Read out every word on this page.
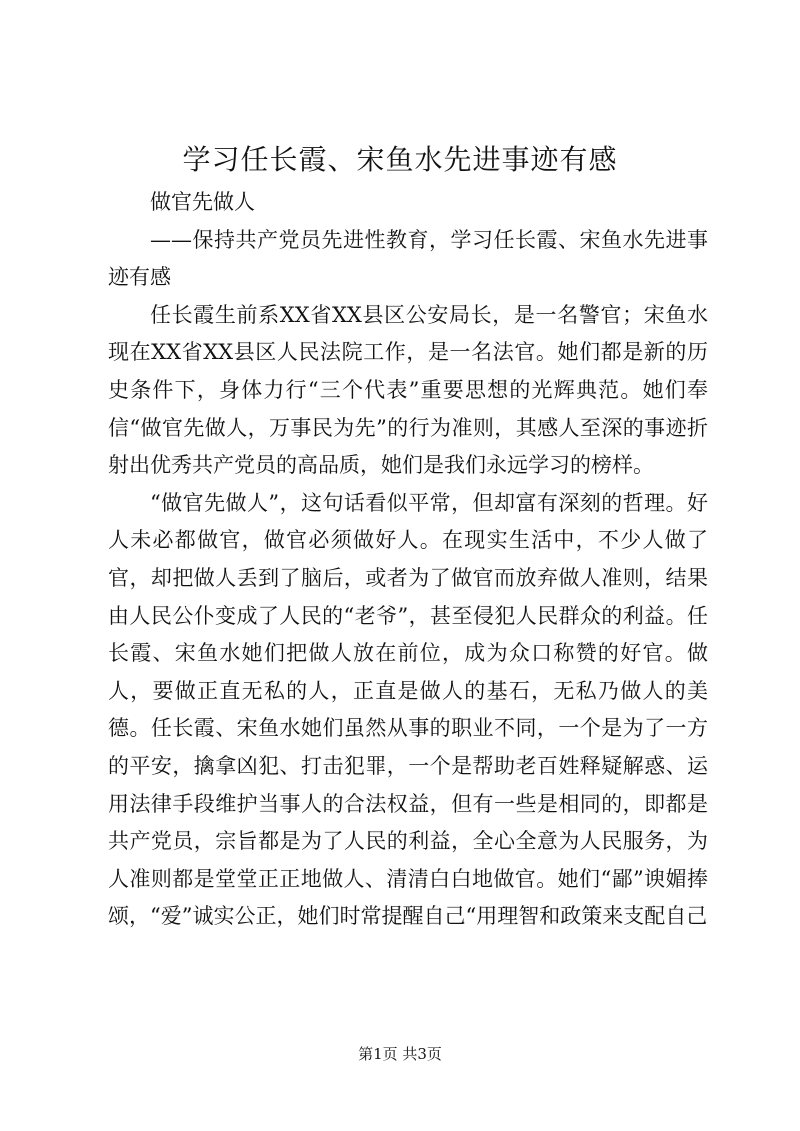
学习任长霞、宋鱼水先进事迹有感

做官先做人

——保持共产党员先进性教育，学习任长霞、宋鱼水先进事迹有感

任长霞生前系XX省XX县区公安局长，是一名警官；宋鱼水现在XX省XX县区人民法院工作，是一名法官。她们都是新的历史条件下，身体力行“三个代表”重要思想的光辉典范。她们奉信“做官先做人，万事民为先”的行为准则，其感人至深的事迹折射出优秀共产党员的高品质，她们是我们永远学习的榜样。

“做官先做人”，这句话看似平常，但却富有深刻的哲理。好人未必都做官，做官必须做好人。在现实生活中，不少人做了官，却把做人丢到了脑后，或者为了做官而放弃做人准则，结果由人民公仆变成了人民的“老爷”，甚至侵犯人民群众的利益。任长霞、宋鱼水她们把做人放在前位，成为众口称赞的好官。做人，要做正直无私的人，正直是做人的基石，无私乃做人的美德。任长霞、宋鱼水她们虽然从事的职业不同，一个是为了一方的平安，擒拿凶犯、打击犯罪，一个是帮助老百姓释疑解惑、运用法律手段维护当事人的合法权益，但有一些是相同的，即都是共产党员，宗旨都是为了人民的利益，全心全意为人民服务，为人准则都是堂堂正正地做人、清清白白地做官。她们“鄙”谀媚捧颂，“爱”诚实公正，她们时常提醒自己“用理智和政策来支配自己

第1页 共3页
